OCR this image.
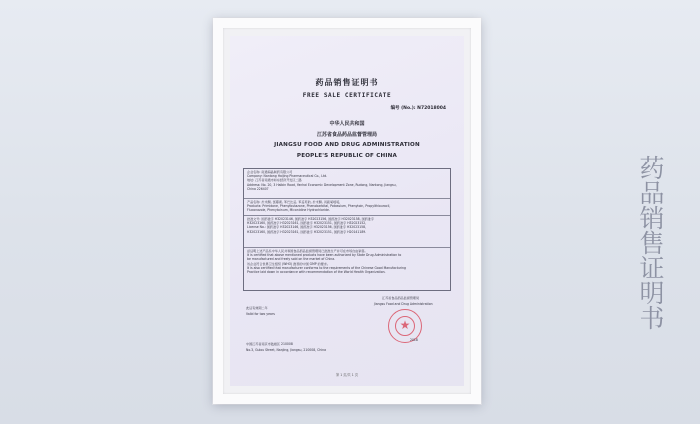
药品销售证明书
FREE SALE CERTIFICATE
编号 (No.): N72018004
中华人民共和国
江苏省食品药品监督管理局
JIANGSU FOOD AND DRUG ADMINISTRATION
PEOPLE'S REPUBLIC OF CHINA
企业名称: 南通海晶制药有限公司
Company: Nantong Haijing Pharmaceutical Co., Ltd.
地址: 江苏省南通市如东经济开发区二路
Address: No. 20, 3 Haibin Road, Yanhai Economic Development Zone, Rudong, Nantong, Jiangsu,
China 226407
产品名称: 扑米酮, 氯霉素, 苯巴比妥, 苯妥英钠, 扑米酮, 丙硫氧嘧啶,
Products: Primidone, Phenylbutazone, Phenobarbital, Potassium, Phenytoin, Propylthiouracil,
Fluconazole, Phenytoinum, Miconidine Hydrochloride.
批准文号: 国药准字 H32023146, 国药准字 H32023156, 国药准字 H32023158, 国药准字
H32023160, 国药准字 H32023161, 国药准字 H32023151, 国药准字 H32023152,
License No.: 国药准字 H32023146, 国药准字 H32023156, 国药准字 H32023158,
H32023160, 国药准字 H32023161, 国药准字 H32023151, 国药准字 H20141189.
兹证明上述产品系中华人民共和国食品药品监督管理局已批准生产并可在市场自由销售。
It is certified that above mentioned products have been authorized by State Drug Administration to
be manufactured and freely sold on the market of China.
该企业符合世界卫生组织 (WHO) 推荐的中国 GMP 的要求。
It is also certified that manufacturer conforms to the requirements of the Chinese Good Manufacturing
Practice laid down in accordance with recommendation of the World Health Organization.
江苏省食品药品监督管理局
Jiangsu Food and Drug Administration
此证有效期二年
Valid for two years
★
2018
中国江苏省南京市鼓楼区 210008
No.3, Gulou Street, Nanjing, Jiangsu, 210008, China
第 1 页/共 1 页
药品销售证明书
